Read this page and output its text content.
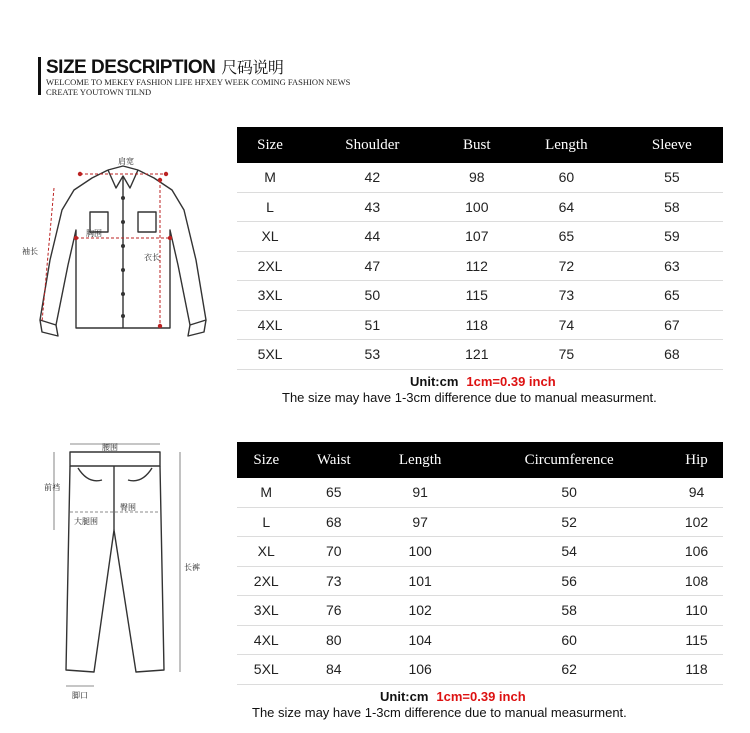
SIZE DESCRIPTION 尺码说明
WELCOME TO MEKEY FASHION LIFE HFXEY WEEK COMING FASHION NEWS
CREATE YOUTOWN TILND
肩宽
胸围
袖长
衣长
Size	Shoulder	Bust	Length	Sleeve
M	42	98	60	55
L	43	100	64	58
XL	44	107	65	59
2XL	47	112	72	63
3XL	50	115	73	65
4XL	51	118	74	67
5XL	53	121	75	68
Unit:cm 1cm=0.39 inch
The size may have 1-3cm difference due to manual measurment.
腰围
前裆
臀围
大腿围
长裤
脚口
Size	Waist	Length	Circumference	Hip
M	65	91	50	94
L	68	97	52	102
XL	70	100	54	106
2XL	73	101	56	108
3XL	76	102	58	110
4XL	80	104	60	115
5XL	84	106	62	118
Unit:cm 1cm=0.39 inch
The size may have 1-3cm difference due to manual measurment.
